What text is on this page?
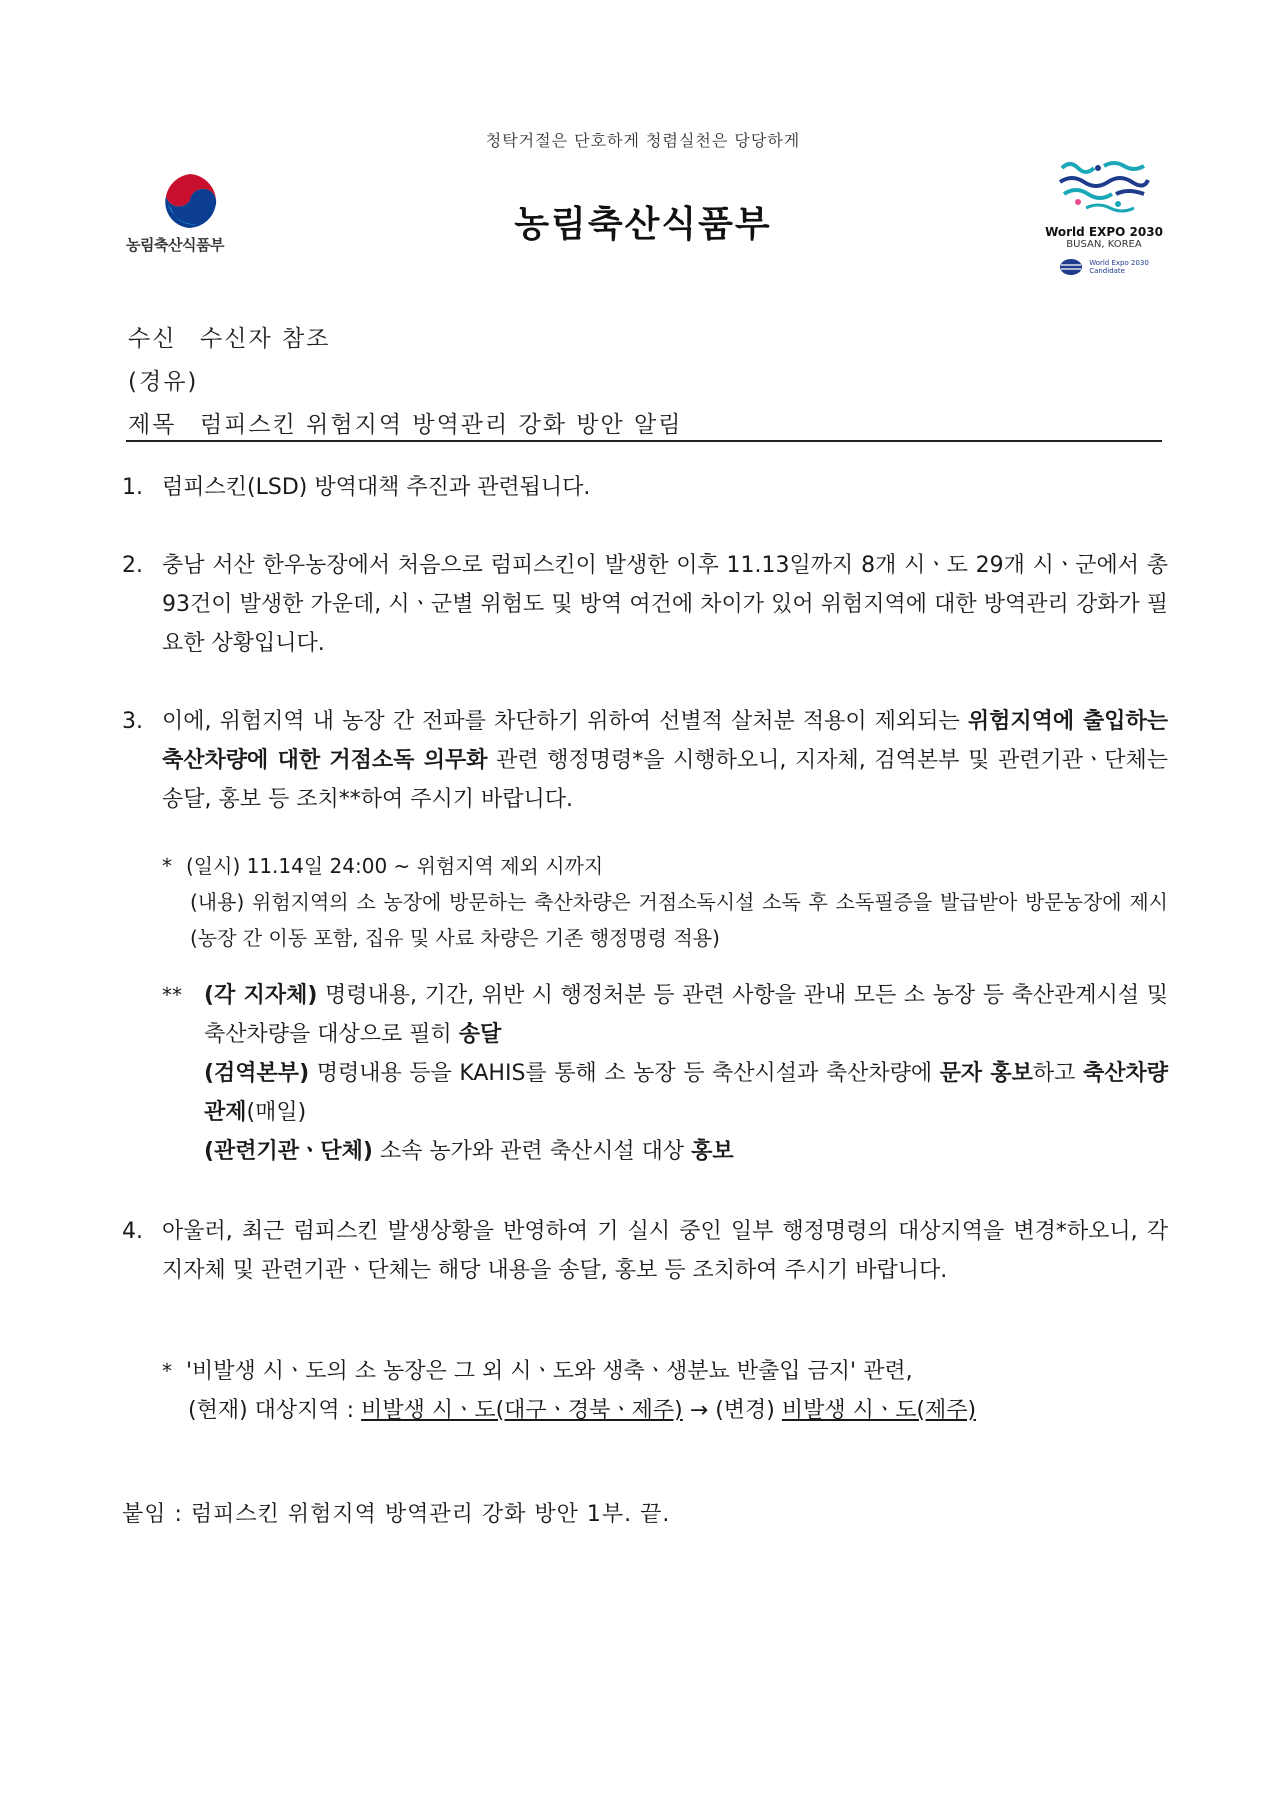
청탁거절은 단호하게 청렴실천은 당당하게
농림축산식품부	농림축산식품부	World EXPO 2030
BUSAN, KOREA
World Expo 2030
Candidate
수신 수신자 참조
(경유)
제목 럼피스킨 위험지역 방역관리 강화 방안 알림
1. 럼피스킨(LSD) 방역대책 추진과 관련됩니다.
2. 충남 서산 한우농장에서 처음으로 럼피스킨이 발생한 이후 11.13일까지 8개 시ㆍ도 29개 시ㆍ군에서 총 93건이 발생한 가운데, 시ㆍ군별 위험도 및 방역 여건에 차이가 있어 위험지역에 대한 방역관리 강화가 필요한 상황입니다.
3. 이에, 위험지역 내 농장 간 전파를 차단하기 위하여 선별적 살처분 적용이 제외되는 위험지역에 출입하는 축산차량에 대한 거점소독 의무화 관련 행정명령*을 시행하오니, 지자체, 검역본부 및 관련기관ㆍ단체는 송달, 홍보 등 조치**하여 주시기 바랍니다.
* (일시) 11.14일 24:00 ~ 위험지역 제외 시까지
(내용) 위험지역의 소 농장에 방문하는 축산차량은 거점소독시설 소독 후 소독필증을 발급받아 방문농장에 제시(농장 간 이동 포함, 집유 및 사료 차량은 기존 행정명령 적용)
** (각 지자체) 명령내용, 기간, 위반 시 행정처분 등 관련 사항을 관내 모든 소 농장 등 축산관계시설 및 축산차량을 대상으로 필히 송달
(검역본부) 명령내용 등을 KAHIS를 통해 소 농장 등 축산시설과 축산차량에 문자 홍보하고 축산차량 관제(매일)
(관련기관ㆍ단체) 소속 농가와 관련 축산시설 대상 홍보
4. 아울러, 최근 럼피스킨 발생상황을 반영하여 기 실시 중인 일부 행정명령의 대상지역을 변경*하오니, 각 지자체 및 관련기관ㆍ단체는 해당 내용을 송달, 홍보 등 조치하여 주시기 바랍니다.
* '비발생 시ㆍ도의 소 농장은 그 외 시ㆍ도와 생축ㆍ생분뇨 반출입 금지' 관련,
(현재) 대상지역 : 비발생 시ㆍ도(대구ㆍ경북ㆍ제주) → (변경) 비발생 시ㆍ도(제주)
붙임 : 럼피스킨 위험지역 방역관리 강화 방안 1부. 끝.
